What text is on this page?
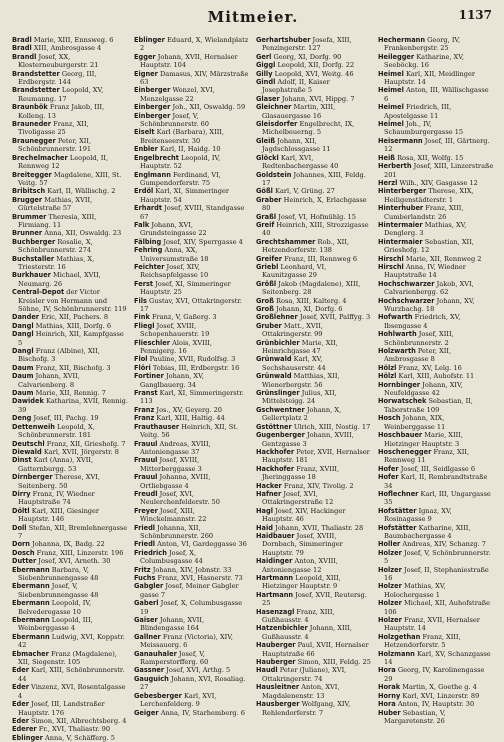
Mitmeier.	1137

Bradl Marie, XIII, Ennsweg. 6

Bradl XIII, Ambrosgasse 4

Brandl Josef, XX, Klosterneuburgerstr. 21

Brandstetter Georg, III, Erdbergstr. 144

Brandstetter Leopold, XV, Reumanng. 17

Braunbök Franz Jakob, III, Kolleng. 13

Brauneder Franz, XII, Tivoligasse 25

Braunegger Peter, XII, Schönbrunnerstr. 191

Brechelmacher Leopold, II, Rennweg 12

Breitegger Magdalene, XIII, St. Veitg. 57

Bribitsch Karl, II, Wällischg. 2

Brugger Mathias, XVII, Gürtelstraße 57

Brummer Theresia, XIII, Firmiang. 11

Brunner Anna, XII, Oswaldg. 23

Buchberger Rosalie, X, Schönbrunnerstr. 274

Buchstaller Mathias, X, Triesterstr. 16

Burkhauer Michael, XVII, Neumarg. 26

Central-Depot der Victor Kreisler von Hermann und Söhne, IV, Schönbrunnerstr. 119

Dander Eric, XII, Pachers. 8

Dangl Mathias, XIII, Dorfg. 6

Dangl Heinrich, XII, Kampfgasse 5

Dangl Franz (Albine), XII, Bischofg. 3

Daum Franz, XII, Bischofg. 3

Daum Johann, XVII, Calvarienberg. 8

Daum Marie, XII, Rennig. 7

Dawidek Katharina, XVII, Rennig. 39

Deng Josef, III, Pachg. 19

Dettenweih Leopold, X, Schönbrunnerstr. 181

Deutschl Franz, XII, Grieshofg. 7

Diewald Karl, XVII, Jörgerstr. 8

Dinst Karl (Anna), XVII, Gatternburgg. 53

Dirnberger Therese, XVI, Seitenberg. 50

Dirry Franz, IV, Wiedner Hauptstraße 74

Döltl Karl, XIII, Giesinger Hauptstr. 146

Doll Stefan, XII, Bremlehnergasse 7

Dorn Johanna, IX, Badg. 22

Dosch Franz, XIII, Linzerstr. 196

Dutter Josef, XVI, Arneth. 30

Ebermann Barbara, V, Siebenbrunnengasse 48

Ebermann Josef, V, Siebenbrunnengasse 48

Ebermann Leopold, IV, Belvederegasse 10

Ebermann Leopold, III, Weinberggasse 4

Ebermann Ludwig, XVI, Koppstr. 42

Ebmacher Franz (Magdalene), XII, Siegenstr. 105

Eder Karl, XIII, Schönbrunnerstr. 44

Eder Vinzenz, XVI, Rosentalgasse 4

Eder Josef, III, Landstraßer Hauptstr. 176

Eder Simon, XII, Albrechtsberg. 4

Ederer Fr., XVI, Thaliastr. 90

Eblinger Anna, V, Schäfferg. 5

Eblinger Eduard, X, Wielandplatz 2

Egger Johann, XVII, Hernalser Hauptstr. 104

Eigner Damasus, XIV, Märzstraße 63

Einberger Wenzel, XVI, Menzelgasse 22

Einberger Joh., XII, Oswaldg. 59

Einberger Josef, V, Schönbrunnerstr. 60

Eiselt Karl (Barbara), XIII, Breitenseerstr. 30

Enbler Karl, II, Haidg. 10

Engelbrecht Leopold, IV, Hauptstr. 52

Englmann Ferdinand, VI, Gumpendorferstr. 75

Erdöl Karl, XI, Simmeringer Hauptstr. 54

Erhardt Josef, XVIII, Standgasse 67

Falk Johann, XVI, Grundsteingasse 22

Fälbing Josef, XIV, Sperrgasse 4

Fehring Anna, XX, Universumstraße 18

Feichter Josef, XIV, Reichsapfelgasse 10

Ferst Josef, XI, Simmeringer Hauptstr. 25

Fils Gustav, XVI, Ottakringerstr. 17

Fink Franz, V, Gaßerg. 3

Fliegl Josef, XVIII, Schopenhauerstr. 19

Flieschler Alois, XVIII, Pennigerg. 16

Flol Pauline, XVII, Rudolfsg. 3

Flöri Tobias, III, Erdbergstr. 16

Fortiner Johann, XV, Ganglbauerg. 34

Franst Karl, XI, Simmeringerstr. 113

Franz Jos., XV, Geyerg. 20

Franz Karl, XIII, Haltig. 44

Frauthauser Heinrich, XII, St. Veitg. 56

Frauul Andreas, XVIII, Antoniengasse 37

Frauul Josef, XVIII, Mitterberggasse 3

Frauul Johanna, XVIII, Ortliebgasse 4

Freudl Josef, XVI, Neulerchenfelderstr. 50

Freyer Josef, XIII, Winckelmannstr. 22

Friedl Johanna, XII, Schönbrunnerstr. 260

Friedl Anton, VI, Gardeggasse 36

Friedrich Josef, X, Columbusgasse 44

Fritz Johann, XIV, Jobnstr. 33

Fuchs Franz, XVI, Hasnerstr. 73

Gabgler Josef, Meiner Gabgler gasse 7

Gaberl Josef, X, Columbusgasse 19

Gaiser Johann, XVII, Blindengasse 164

Gallner Franz (Victoria), XIV, Meissauerg. 6

Ganauhaler Josef, V, Ramperstorfferg. 60

Gassner Josef, XVI, Arthg. 5

Gauguich Johann, XVI, Rosaliag. 27

Gebesberger Karl, XVI, Lerchenfelderg. 9

Geiger Anna, IV, Starhemberg. 6

Gerhartshuber Josefa, XIII, Penzingerstr. 127

Gerl Georg, XI, Dorfg. 90

Giggl Leopold, XII, Dorfg. 22

Gilly Leopold, XVI, Weitg. 46

Gindl Adolf, II, Kaiser Josephstraße 5

Glaser Johann, XVI, Hippg. 7

Gleichner Martin, XIII, Glasauergasse 16

Gleisdorfer Engelbrecht, IX, Michelbeuerng. 5

Gleiß Johann, XII, Jagdschlossgasse 11

Glöckl Karl, XVI, Redtenbachergasse 40

Goldstein Johannes, XIII, Feldg. 17

Gößl Karl, V, Grüng. 27

Graber Heinrich, X, Erlachgasse 80

Graßl Josef, VI, Hofmühlg. 15

Greif Heinrich, XIII, Strozzigasse 40

Grechtshammer Rob., XII, Hetzendorferstr. 138

Greifer Franz, III, Rennweg 6

Griebl Leonhard, VI, Kaunitzgasse 29

Größl Jakob (Magdalene), XIII, Seitenberg. 28

Groß Rosa, XIII, Kalterg. 4

Groß Johann, XI, Dorfg. 6

Großlehner Josef, XVII, Palffyg. 3

Gruber Matt., XVII, Ottakringerstr. 99

Grünbichler Marie, XII, Heinrichgasse 47

Grünwald Karl, XV, Sechshauserstr. 44

Grünwald Matthias, XII, Wienerbergstr. 56

Grünslinger Julius, XII, Mittelsteigg. 24

Gschwentner Johann, X, Gellertplatz 2

Gstöttner Ulrich, XIII, Nostig. 17

Gugenberger Johann, XVIII, Gentzgasse 3

Hackhofer Peter, XVII, Hernalser Hauptstr. 181

Hackhofer Franz, XVIII, Jheringgasse 18

Hacker Franz, XIV, Tivolig. 2

Hafner Josef, XVI, Ottakringerstraße 12

Hagl Josef, XIV, Hackinger Hauptstr. 46

Haid Johann, XVII, Thaliastr. 28

Haidbauer Josef, XVIII, Dornbach, Simmeringer Hauptstr. 79

Haidinger Anton, XVIII, Antoniengasse 12

Hartmann Leopold, XIII, Hietzinger Hauptstr. 9

Hartmann Josef, XVII, Reutersg. 25

Hasenzagl Franz, XIII, Gußhausstr. 4

Hatzenbichler Johann, XIII, Gußhausstr. 4

Hauberger Paul, XVII, Hernalser Hauptstraße 66

Hauberger Simon, XIII, Feldg. 25

Haudl Peter (Juliane), XVI, Ottakringerstr. 74

Hausleitner Anton, XVI, Magdalenenstr. 13

Hausberger Wolfgang, XIV, Rehlendorferstr. 7

Hechermann Georg, IV, Frankenbergstr. 25

Heilegger Katharine, XV, Seeböckg. 16

Heimel Karl, XII, Meidlinger Hauptstr. 14

Heimel Anton, III, Wällischgasse 6

Heimel Friedrich, III, Apostelgasse 11

Heimel Joh., IV, Schaumburgergasse 15

Heisermann Josef, III, Gärtnerg. 12

Heiß Rosa, XII, Wolfg. 15

Herberth Josef, XIII, Linzerstraße 201

Herzl Wilh., XIV, Gasgasse 12

Hinterberger Therese, XIX, Heiligenstädterstr. 1

Hinterhuber Franz, XIII, Cumberlandstr. 26

Hintermaier Mathias, XV, Denglerg. 3

Hintermaier Sebastian, XII, Grieshofg. 12

Hirschl Marie, XII, Rennweg 2

Hirschl Anna, IV, Wiedner Hauptstraße 14

Hochschwarzer Jakob, XVI, Calvarienbergg. 62

Hochschwarzer Johann, XV, Wurzbachg. 18

Hofwarth Friedrich, XV, Ibsengasse 4

Hohlwarth Josef, XIII, Schönbrunnerstr. 2

Holzwarth Peter, XII, Ambrosgasse 8

Hölzl Franz, XV, Lelg. 16

Hölzl Karl, XIII, Auhofstr. 11

Hornbinger Johann, XIV, Neufeldgasse 42

Horwatschek Sebastian, II, Taborstraße 109

Hosch Johann, XIX, Weinberggasse 11

Hoschbauer Marie, XIII, Hietzinger Hauptstr. 3

Hoschenegger Franz, XII, Rennweg 11

Hofer Josef, III, Seidlgasse 6

Hofer Karl, II, Rembrandtstraße 34

Hoflechner Karl, III, Ungargasse 35

Hofstätter Ignaz, XV, Rosinagasse 9

Hofstätter Katharine, XIII, Baumbachergasse 4

Holler Andreas, XIV, Schanzg. 7

Holzer Josef, V, Schönbrunnerstr. 5

Holzer Josef, II, Stephaniestraße 16

Holzer Mathias, XV, Holochergasse 1

Holzer Michael, XII, Auhofstraße 106

Holzer Franz, XVII, Hernalser Hauptstr. 14

Holzgethan Franz, XIII, Hetzendorferstr. 5

Holzmann Karl, XV, Schanzgasse 14

Hora Georg, IV, Karolinengasse 29

Horak Martin, X, Goethe g. 4

Horny Karl, XVI, Linzerstr. 89

Hora Anton, IV, Hauptstr. 30

Huber Sebastian, V, Margaretenstr. 26
